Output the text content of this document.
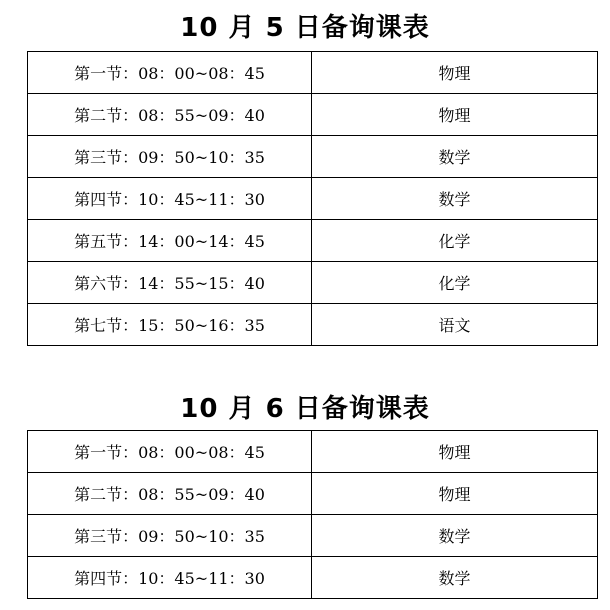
10 月 5 日备询课表
第一节：08：00~08：45	物理
第二节：08：55~09：40	物理
第三节：09：50~10：35	数学
第四节：10：45~11：30	数学
第五节：14：00~14：45	化学
第六节：14：55~15：40	化学
第七节：15：50~16：35	语文
10 月 6 日备询课表
第一节：08：00~08：45	物理
第二节：08：55~09：40	物理
第三节：09：50~10：35	数学
第四节：10：45~11：30	数学
